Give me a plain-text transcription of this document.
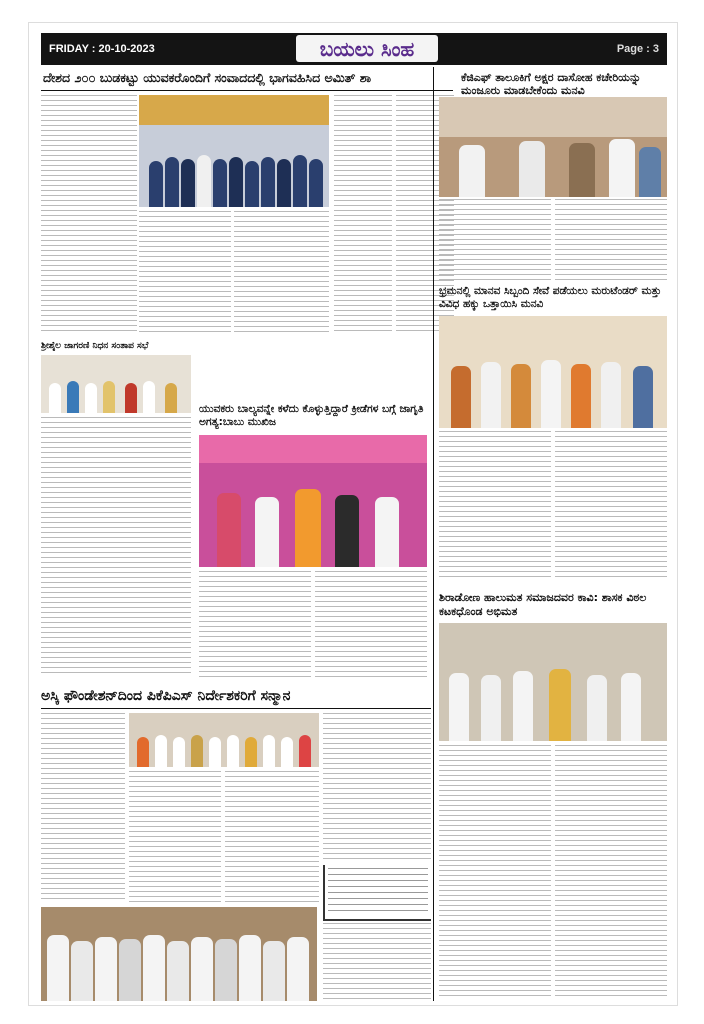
FRIDAY : 20-10-2023	Page : 3
ಬಯಲು ಸಿಂಹ
ದೇಶದ ೨೦೦ ಬುಡಕಟ್ಟು ಯುವಕರೊಂದಿಗೆ ಸಂವಾದದಲ್ಲಿ ಭಾಗವಹಿಸಿದ ಅಮಿತ್ ಶಾ	ಕೆಜಿಎಫ್ ತಾಲೂಕಿಗೆ ಅಕ್ಷರ ದಾಸೋಹ ಕಚೇರಿಯನ್ನು ಮಂಜೂರು ಮಾಡಬೇಕೆಂದು ಮನವಿ
ಭ್ರಮನಲ್ಲಿ ಮಾನವ ಸಿಬ್ಬಂದಿ ಸೇವೆ ಪಡೆಯಲು ಮರುಟೆಂಡರ್ ಮತ್ತು ವಿವಿಧ ಹಕ್ಕು ಒತ್ತಾಯಿಸಿ ಮನವಿ
ಶ್ರೀಶೈಲ ಜಾಗರಣಿ ನಿಧನ ಸಂತಾಪ ಸಭೆ
ಯುವಕರು ಬಾಲ್ಯವನ್ನೇ ಕಳೆದು ಕೊಳ್ಳುತ್ತಿದ್ದಾರೆ ಕ್ರೀಡೆಗಳ ಬಗ್ಗೆ ಜಾಗೃತಿ ಅಗತ್ಯ:ಬಾಬು ಮುಖಿಜ
ಶಿರಾಡೋಣ ಹಾಲುಮತ ಸಮಾಜದವರ ಕಾವಿ: ಶಾಸಕ ವಿಠಲ ಕಟಕಧೊಂಡ ಅಭಿಮತ
ಅಸ್ಕಿ ಫೌಂಡೇಶನ್‌ದಿಂದ ಪಿಕೆಪಿಎಸ್ ನಿರ್ದೇಶಕರಿಗೆ ಸನ್ಮಾನ
